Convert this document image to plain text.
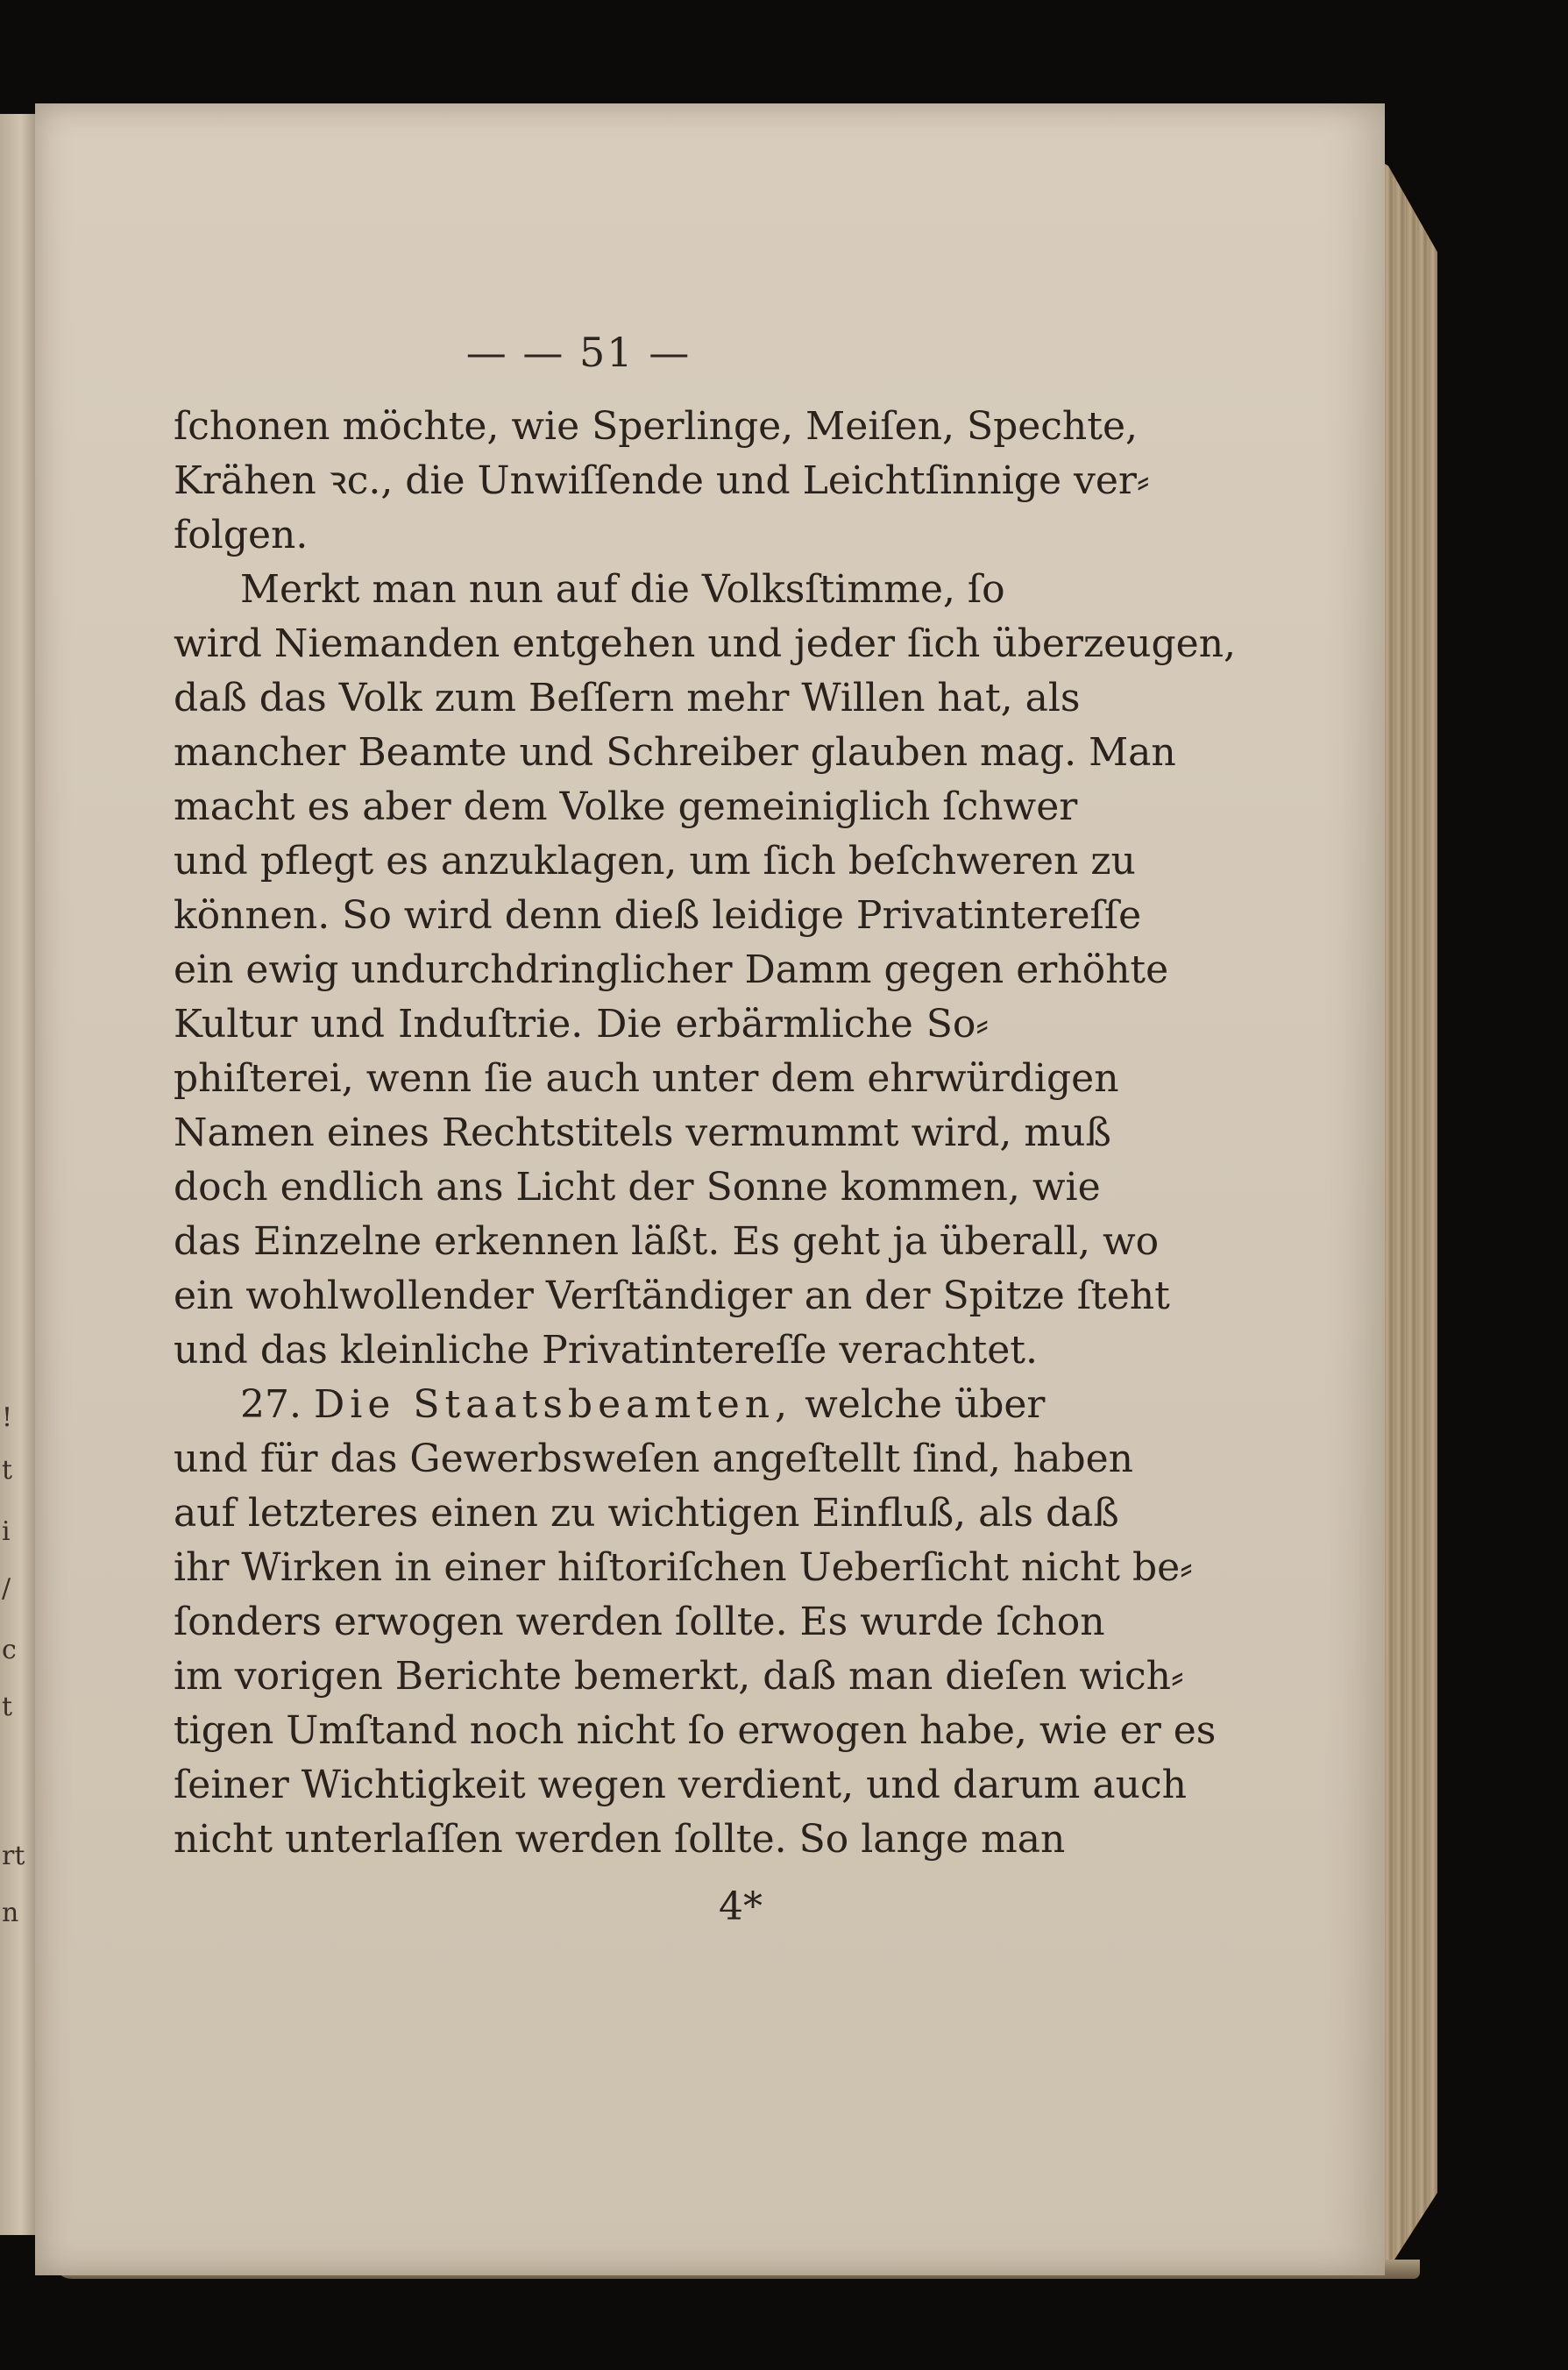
!
t
i
/
c
t
rt
n
— — 51 —
ſchonen möchte, wie Sperlinge, Meiſen, Spechte,
Krähen ꝛc., die Unwiſſende und Leichtſinnige ver⸗
folgen.
Merkt man nun auf die Volksſtimme, ſo
wird Niemanden entgehen und jeder ſich überzeugen,
daß das Volk zum Beſſern mehr Willen hat, als
mancher Beamte und Schreiber glauben mag. Man
macht es aber dem Volke gemeiniglich ſchwer
und pflegt es anzuklagen, um ſich beſchweren zu
können. So wird denn dieß leidige Privatintereſſe
ein ewig undurchdringlicher Damm gegen erhöhte
Kultur und Induſtrie. Die erbärmliche So⸗
phiſterei, wenn ſie auch unter dem ehrwürdigen
Namen eines Rechtstitels vermummt wird, muß
doch endlich ans Licht der Sonne kommen, wie
das Einzelne erkennen läßt. Es geht ja überall, wo
ein wohlwollender Verſtändiger an der Spitze ſteht
und das kleinliche Privatintereſſe verachtet.
27. Die Staatsbeamten, welche über
und für das Gewerbsweſen angeſtellt ſind, haben
auf letzteres einen zu wichtigen Einfluß, als daß
ihr Wirken in einer hiſtoriſchen Ueberſicht nicht be⸗
ſonders erwogen werden ſollte. Es wurde ſchon
im vorigen Berichte bemerkt, daß man dieſen wich⸗
tigen Umſtand noch nicht ſo erwogen habe, wie er es
ſeiner Wichtigkeit wegen verdient, und darum auch
nicht unterlaſſen werden ſollte. So lange man
4*
